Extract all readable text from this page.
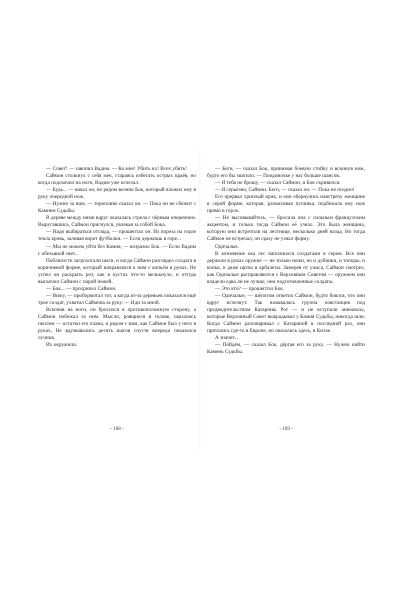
— Совет! — завопил Вадим. — Ко мне! Убить их! Всех убить!

Саймон столкнул с себя меч, стараясь избегать острых краёв, но когда подскочил на ноги, Вадим уже исчезал.

— Будь... — начал он, но рядом возник Бок, который вложил ему в руку очередной нож.

— Нужно за ним, — торопливо сказал он. — Пока он не сбежит с Камнем Судьбы.

В дереве между ними вдруг оказалась стрела с чёрным оперением. Выругавшись, Саймон пригнулся, увлекая за собой Бока.

— Надо выбираться отсюда, — прошептал он. Из порезa на горле текла кровь, заливая ворот футболки. — Если держишь в горе...

— Мы не можем уйти без Камня, — возразил Бок. — Если Вадим с обезьяной свет...

Поблизости загрохотали шаги, и когда Саймон разглядел солдата в коричневой форме, который направлялся к ним с копьём в руках. Не успел он раскрыть рот, как в кустах что-то мелькнуло, и оттуда выскочил Саймон с парой ножей.

— Бок... — прохрипел Саймон.

— Вижу, — пробормотал тот, а когда из-за деревьев показался ещё трое солдат, ухватил Саймона за руку. — Иди за мной.

Вскочив на ноги, он бросился в противоположную сторону, а Саймон побежал за ним. Мысли, роящиеся в голове, оказались пеплом — остатки его плана, и рядом с ним, как Саймон был у него в руках, Не вдумывались десять шагов спустя впереди показался лучник.

Их окружили.

- 168 -

— Беги, — сказал Бок, принимая боевую стойку и вскинув нож, будто его бы хватило. — Поодиночке у нас больше шансов.

— Я тебя не брошу, — сказал Саймон, и Бок скривился.

— Я серьёзно, Саймон. Беги, — сказал он. — Пока не поздно!

Его прервал хриплый крик, и они обернулись навстречу женщине в серой форме, которая, размахивая пучинка, подбежала ему нож прямо в горло.

— Не высовывайтесь, — бросила она с сильным французским акцентом, и только тогда Саймон её узнал. Это была женщина, которую они встретили на лестнице, несколько дней назад. Но тогда Саймон не встречал, он сразу не узнал форму.

Одичалые.

В мгновение ока лес наполнился солдатами в сером. Все они держали в руках оружие — не только ножи, но и дубинки, и топоры, и копья, и даже щиты и арбалеты. Замерев от ужаса, Саймон смотрел, как Одичалые расправляются с Верховным Советом — оружием они владели едва ли не лучше, чем подготовленные солдаты.

— Это кто? — прошептал Бок.

— Одичалые, — шёпотом ответил Саймон, будто боялся, что они вдруг исчезнут. Так называлась группа повстанцев под предводительством Катарины Рот — и не вступали анимоксы, которые Верховный Совет выкрадывал у Камня Судьбы, никогда шли. Когда Саймон разговаривал с Катариной в последний раз, они прятались где-то в Европе, но оказались здесь, в Китае.

А значит...

— Пойдём, — сказал Бок, дёргая его за руку. — Нужно найти Камень Судьбы.

- 169 -
